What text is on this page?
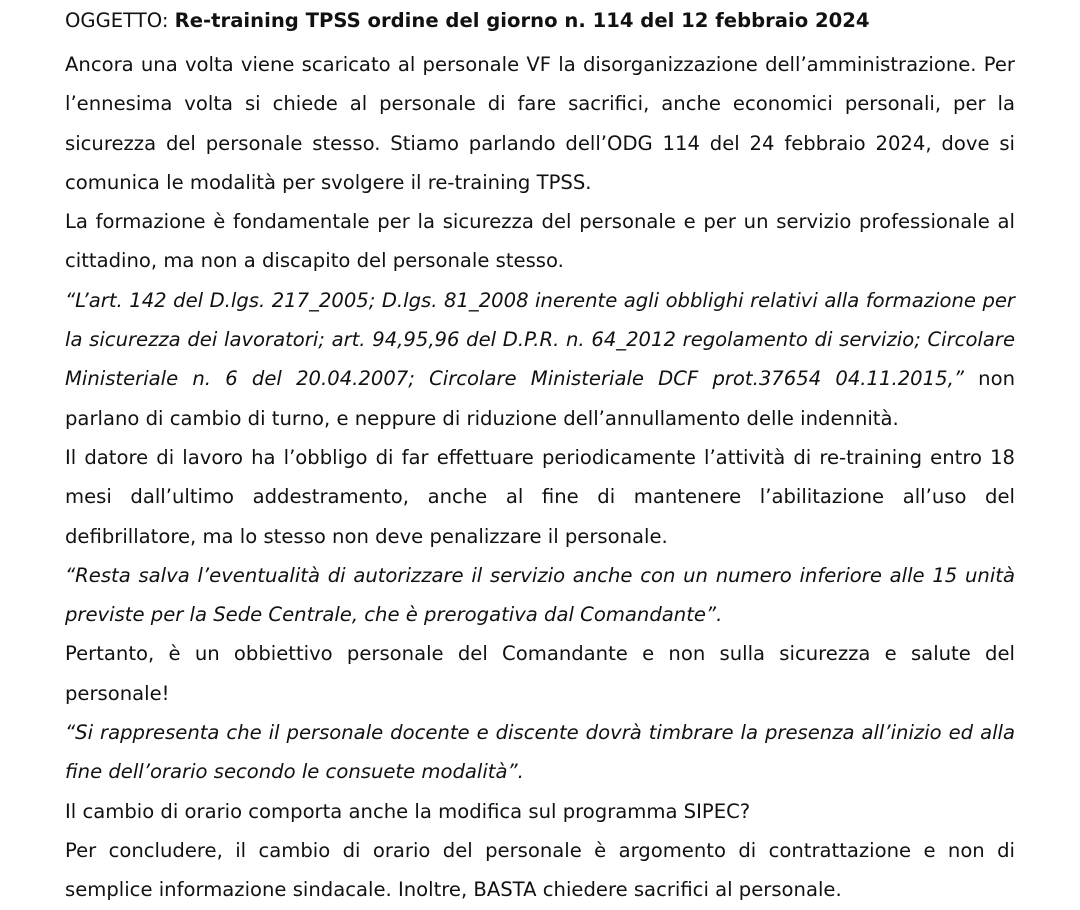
OGGETTO: Re-training TPSS ordine del giorno n. 114 del 12 febbraio 2024

Ancora una volta viene scaricato al personale VF la disorganizzazione dell’amministrazione. Per l’ennesima volta si chiede al personale di fare sacrifici, anche economici personali, per la sicurezza del personale stesso. Stiamo parlando dell’ODG 114 del 24 febbraio 2024, dove si comunica le modalità per svolgere il re-training TPSS.

La formazione è fondamentale per la sicurezza del personale e per un servizio professionale al cittadino, ma non a discapito del personale stesso.

“L’art. 142 del D.lgs. 217_2005; D.lgs. 81_2008 inerente agli obblighi relativi alla formazione per la sicurezza dei lavoratori; art. 94,95,96 del D.P.R. n. 64_2012 regolamento di servizio; Circolare Ministeriale n. 6 del 20.04.2007; Circolare Ministeriale DCF prot.37654 04.11.2015,” non parlano di cambio di turno, e neppure di riduzione dell’annullamento delle indennità.

Il datore di lavoro ha l’obbligo di far effettuare periodicamente l’attività di re-training entro 18 mesi dall’ultimo addestramento, anche al fine di mantenere l’abilitazione all’uso del defibrillatore, ma lo stesso non deve penalizzare il personale.

“Resta salva l’eventualità di autorizzare il servizio anche con un numero inferiore alle 15 unità previste per la Sede Centrale, che è prerogativa dal Comandante”.

Pertanto, è un obbiettivo personale del Comandante e non sulla sicurezza e salute del personale!

“Si rappresenta che il personale docente e discente dovrà timbrare la presenza all’inizio ed alla fine dell’orario secondo le consuete modalità”.

Il cambio di orario comporta anche la modifica sul programma SIPEC?

Per concludere, il cambio di orario del personale è argomento di contrattazione e non di semplice informazione sindacale. Inoltre, BASTA chiedere sacrifici al personale.
